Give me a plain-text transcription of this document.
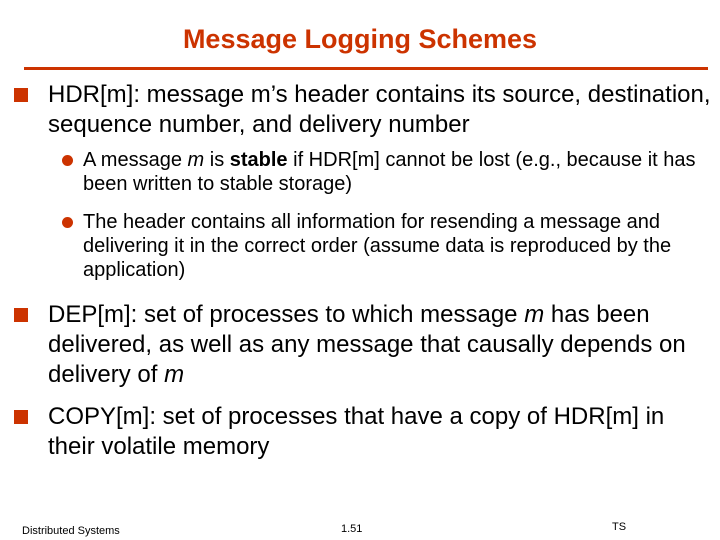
Message Logging Schemes
HDR[m]: message m’s header contains its source, destination, sequence number, and delivery number
A message m is stable if HDR[m] cannot be lost (e.g., because it has been written to stable storage)
The header contains all information for resending a message and delivering it in the correct order (assume data is reproduced by the application)
DEP[m]: set of processes to which message m has been delivered, as well as any message that causally depends on delivery of m
COPY[m]: set of processes that have a copy of HDR[m] in their volatile memory
Distributed Systems	1.51	TS
